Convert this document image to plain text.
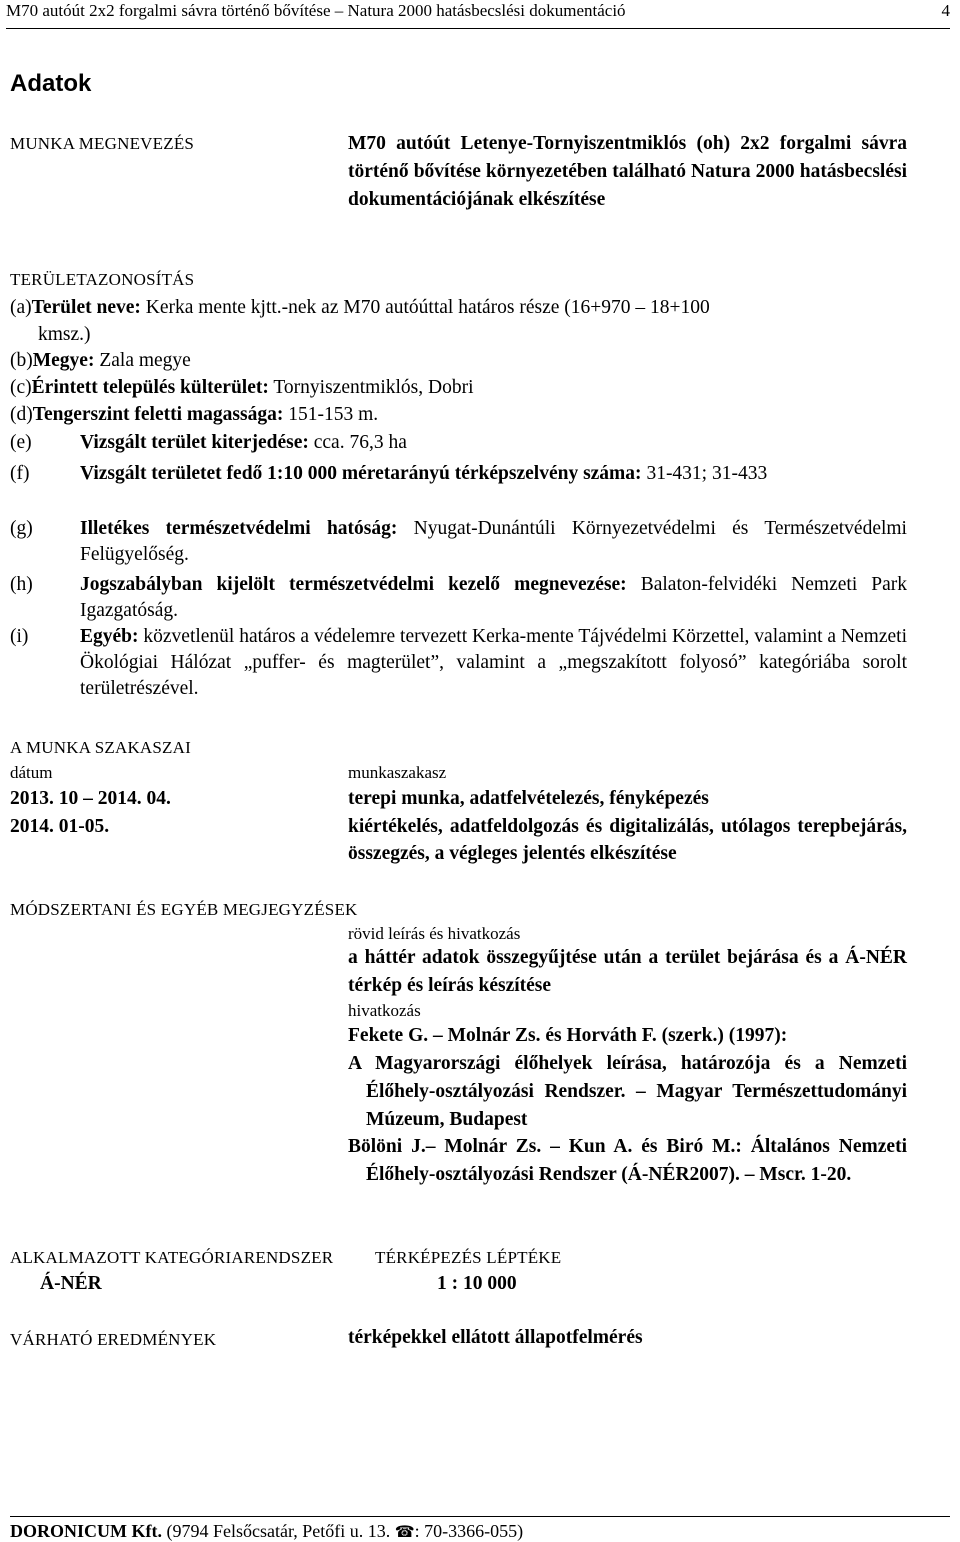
M70 autóút 2x2 forgalmi sávra történő bővítése – Natura 2000 hatásbecslési dokumentáció	4
Adatok
MUNKA MEGNEVEZÉS	M70 autóút Letenye-Tornyiszentmiklós (oh) 2x2 forgalmi sávra történő bővítése környezetében található Natura 2000 hatásbecslési dokumentációjának elkészítése
TERÜLETAZONOSÍTÁS
(a)Terület neve: Kerka mente kjtt.-nek az M70 autóúttal határos része (16+970 – 18+100
kmsz.)
(b)Megye: Zala megye
(c)Érintett település külterület: Tornyiszentmiklós, Dobri
(d)Tengerszint feletti magassága: 151-153 m.
(e) Vizsgált terület kiterjedése: cca. 76,3 ha
(f)	Vizsgált területet fedő 1:10 000 méretarányú térképszelvény száma: 31-431; 31-433
(g) Illetékes természetvédelmi hatóság: Nyugat-Dunántúli Környezetvédelmi és Természetvédelmi Felügyelőség.
(h) Jogszabályban kijelölt természetvédelmi kezelő megnevezése: Balaton-felvidéki Nemzeti Park Igazgatóság.
(i)	Egyéb: közvetlenül határos a védelemre tervezett Kerka-mente Tájvédelmi Körzettel, valamint a Nemzeti Ökológiai Hálózat „puffer- és magterület”, valamint a „megszakított folyosó” kategóriába sorolt területrészével.
A MUNKA SZAKASZAI
dátum	munkaszakasz
2013. 10 – 2014. 04.	terepi munka, adatfelvételezés, fényképezés
2014. 01-05.	kiértékelés, adatfeldolgozás és digitalizálás, utólagos terepbejárás, összegzés, a végleges jelentés elkészítése
MÓDSZERTANI ÉS EGYÉB MEGJEGYZÉSEK
rövid leírás és hivatkozás
a háttér adatok összegyűjtése után a terület bejárása és a Á-NÉR térkép és leírás készítése
hivatkozás
Fekete G. – Molnár Zs. és Horváth F. (szerk.) (1997):
A Magyarországi élőhelyek leírása, határozója és a Nemzeti Élőhely-osztályozási Rendszer. – Magyar Természettudományi Múzeum, Budapest
Bölöni J.– Molnár Zs. – Kun A. és Biró M.: Általános Nemzeti Élőhely-osztályozási Rendszer (Á-NÉR2007). – Mscr. 1-20.
ALKALMAZOTT KATEGÓRIARENDSZER TÉRKÉPEZÉS LÉPTÉKE
Á-NÉR	1 : 10 000
VÁRHATÓ EREDMÉNYEK	térképekkel ellátott állapotfelmérés
DORONICUM Kft. (9794 Felsőcsatár, Petőfi u. 13. ☎: 70-3366-055)
